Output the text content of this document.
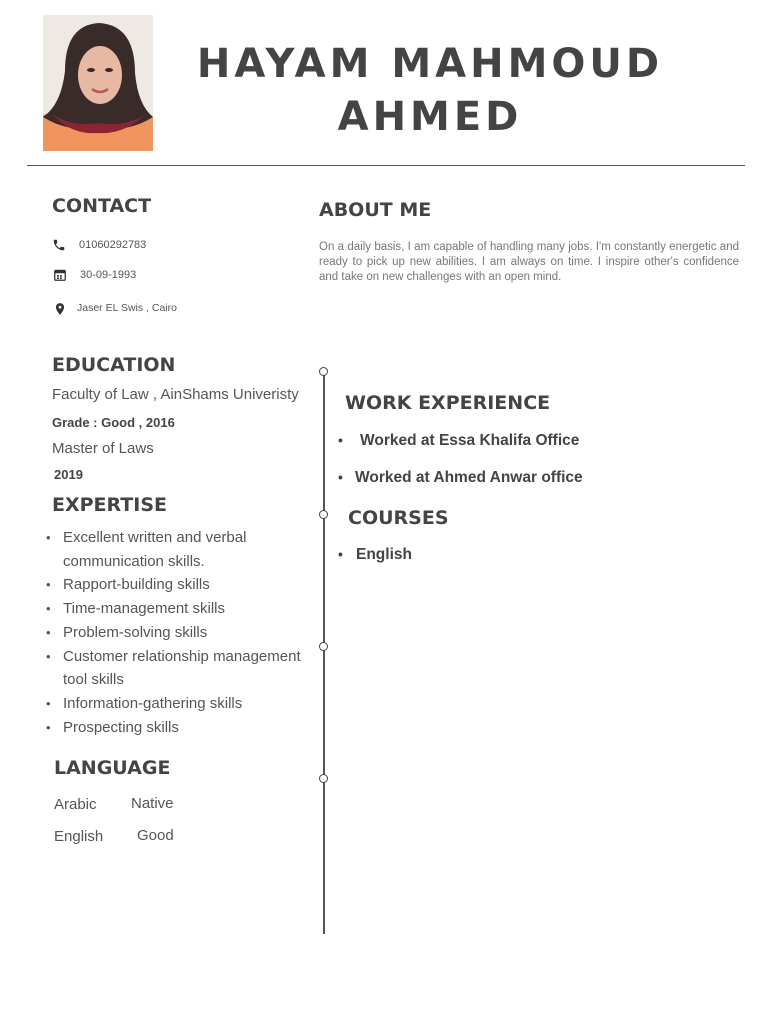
HAYAM MAHMOUD
AHMED
CONTACT
01060292783
30-09-1993
Jaser EL Swis , Cairo
ABOUT ME
On a daily basis, I am capable of handling many jobs. I'm constantly energetic and ready to pick up new abilities. I am always on time. I inspire other's confidence and take on new challenges with an open mind.
EDUCATION
Faculty of Law , AinShams Univeristy
Grade : Good , 2016
Master of Laws
2019
EXPERTISE
• Excellent written and verbal communication skills.
• Rapport-building skills
• Time-management skills
• Problem-solving skills
• Customer relationship management tool skills
• Information-gathering skills
• Prospecting skills
LANGUAGE
Arabic Native
English Good
WORK EXPERIENCE
• Worked at Essa Khalifa Office
• Worked at Ahmed Anwar office
COURSES
• English
